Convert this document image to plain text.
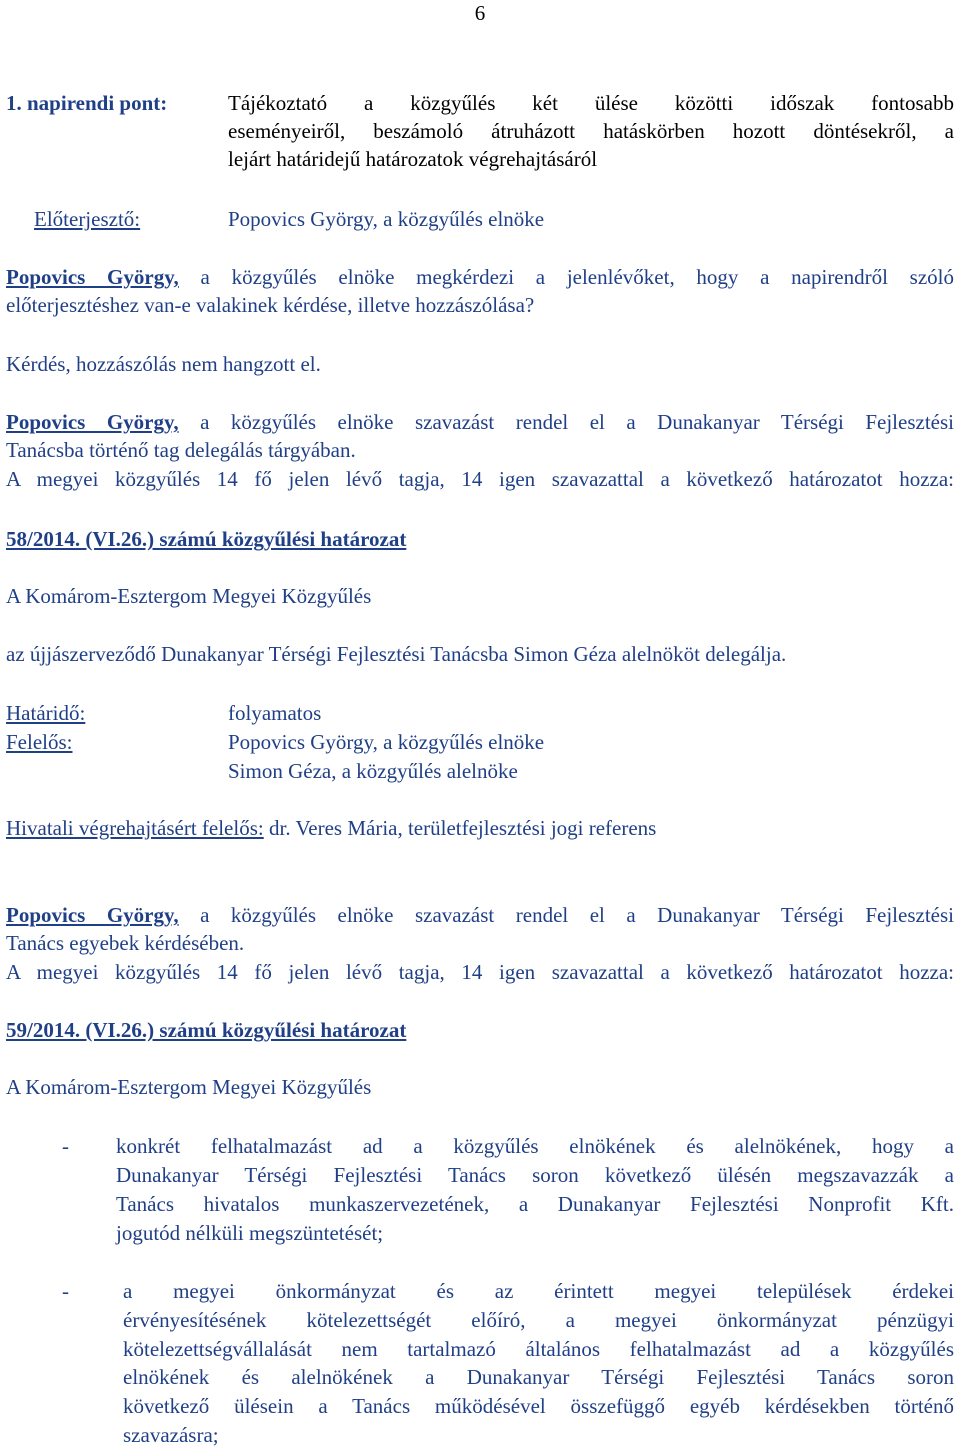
6
1. napirendi pont:	Tájékoztató a közgyűlés két ülése közötti időszak fontosabb
eseményeiről, beszámoló átruházott hatáskörben hozott döntésekről, a
lejárt határidejű határozatok végrehajtásáról
Előterjesztő:	Popovics György, a közgyűlés elnöke
Popovics György, a közgyűlés elnöke megkérdezi a jelenlévőket, hogy a napirendről szóló
előterjesztéshez van-e valakinek kérdése, illetve hozzászólása?
Kérdés, hozzászólás nem hangzott el.
Popovics György, a közgyűlés elnöke szavazást rendel el a Dunakanyar Térségi Fejlesztési
Tanácsba történő tag delegálás tárgyában.
A megyei közgyűlés 14 fő jelen lévő tagja, 14 igen szavazattal a következő határozatot hozza:
58/2014. (VI.26.) számú közgyűlési határozat
A Komárom-Esztergom Megyei Közgyűlés
az újjászerveződő Dunakanyar Térségi Fejlesztési Tanácsba Simon Géza alelnököt delegálja.
Határidő:	folyamatos
Felelős:	Popovics György, a közgyűlés elnöke
Simon Géza, a közgyűlés alelnöke
Hivatali végrehajtásért felelős: dr. Veres Mária, területfejlesztési jogi referens
Popovics György, a közgyűlés elnöke szavazást rendel el a Dunakanyar Térségi Fejlesztési
Tanács egyebek kérdésében.
A megyei közgyűlés 14 fő jelen lévő tagja, 14 igen szavazattal a következő határozatot hozza:
59/2014. (VI.26.) számú közgyűlési határozat
A Komárom-Esztergom Megyei Közgyűlés
-	konkrét felhatalmazást ad a közgyűlés elnökének és alelnökének, hogy a
Dunakanyar Térségi Fejlesztési Tanács soron következő ülésén megszavazzák a
Tanács hivatalos munkaszervezetének, a Dunakanyar Fejlesztési Nonprofit Kft.
jogutód nélküli megszüntetését;
-	a megyei önkormányzat és az érintett megyei települések érdekei
érvényesítésének kötelezettségét előíró, a megyei önkormányzat pénzügyi
kötelezettségvállalását nem tartalmazó általános felhatalmazást ad a közgyűlés
elnökének és alelnökének a Dunakanyar Térségi Fejlesztési Tanács soron
következő ülésein a Tanács működésével összefüggő egyéb kérdésekben történő
szavazásra;
